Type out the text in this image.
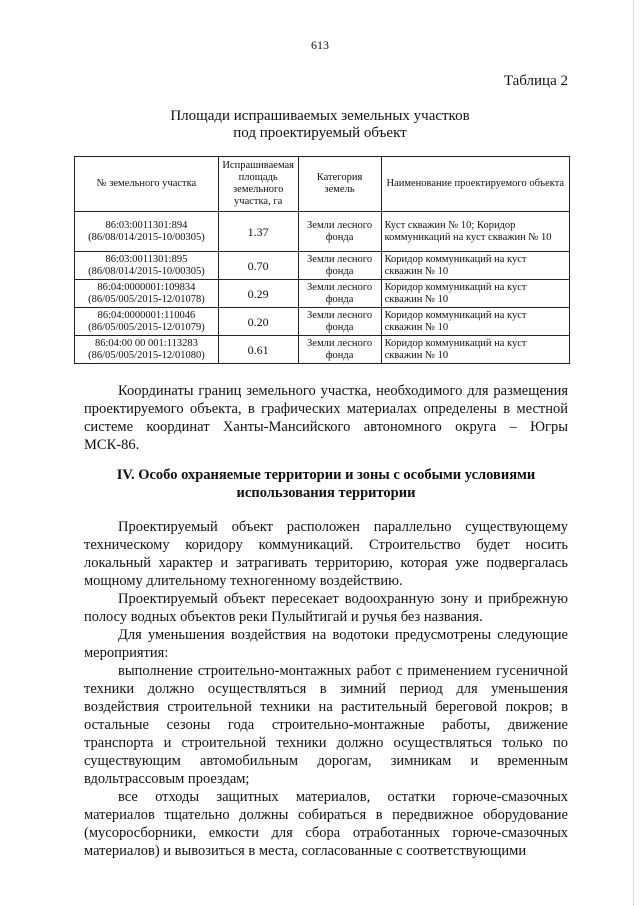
613
Таблица 2
Площади испрашиваемых земельных участков
под проектируемый объект
№ земельного участка	Испрашиваемая площадь земельного участка, га	Категория земель	Наименование проектируемого объекта

86:03:0011301:894
(86/08/014/2015-10/00305)	1.37	Земли лесного фонда	Куст скважин № 10; Коридор коммуникаций на куст скважин № 10

86:03:0011301:895
(86/08/014/2015-10/00305)	0.70	Земли лесного фонда	Коридор коммуникаций на куст скважин № 10

86:04:0000001:109834
(86/05/005/2015-12/01078)	0.29	Земли лесного фонда	Коридор коммуникаций на куст скважин № 10

86:04:0000001:110046
(86/05/005/2015-12/01079)	0.20	Земли лесного фонда	Коридор коммуникаций на куст скважин № 10

86:04:00 00 001:113283
(86/05/005/2015-12/01080)	0.61	Земли лесного фонда	Коридор коммуникаций на куст скважин № 10

Координаты границ земельного участка, необходимого для размещения проектируемого объекта, в графических материалах определены в местной системе координат Ханты-Мансийского автономного округа – Югры МСК-86.

IV. Особо охраняемые территории и зоны с особыми условиями
использования территории

Проектируемый объект расположен параллельно существующему техническому коридору коммуникаций. Строительство будет носить локальный характер и затрагивать территорию, которая уже подвергалась мощному длительному техногенному воздействию.

Проектируемый объект пересекает водоохранную зону и прибрежную полосу водных объектов реки Пулыйтигай и ручья без названия.

Для уменьшения воздействия на водотоки предусмотрены следующие мероприятия:

выполнение строительно-монтажных работ с применением гусеничной техники должно осуществляться в зимний период для уменьшения воздействия строительной техники на растительный береговой покров; в остальные сезоны года строительно-монтажные работы, движение транспорта и строительной техники должно осуществляться только по существующим автомобильным дорогам, зимникам и временным вдольтрассовым проездам;

все отходы защитных материалов, остатки горюче-смазочных материалов тщательно должны собираться в передвижное оборудование (мусоросборники, емкости для сбора отработанных горюче-смазочных материалов) и вывозиться в места, согласованные с соответствующими
